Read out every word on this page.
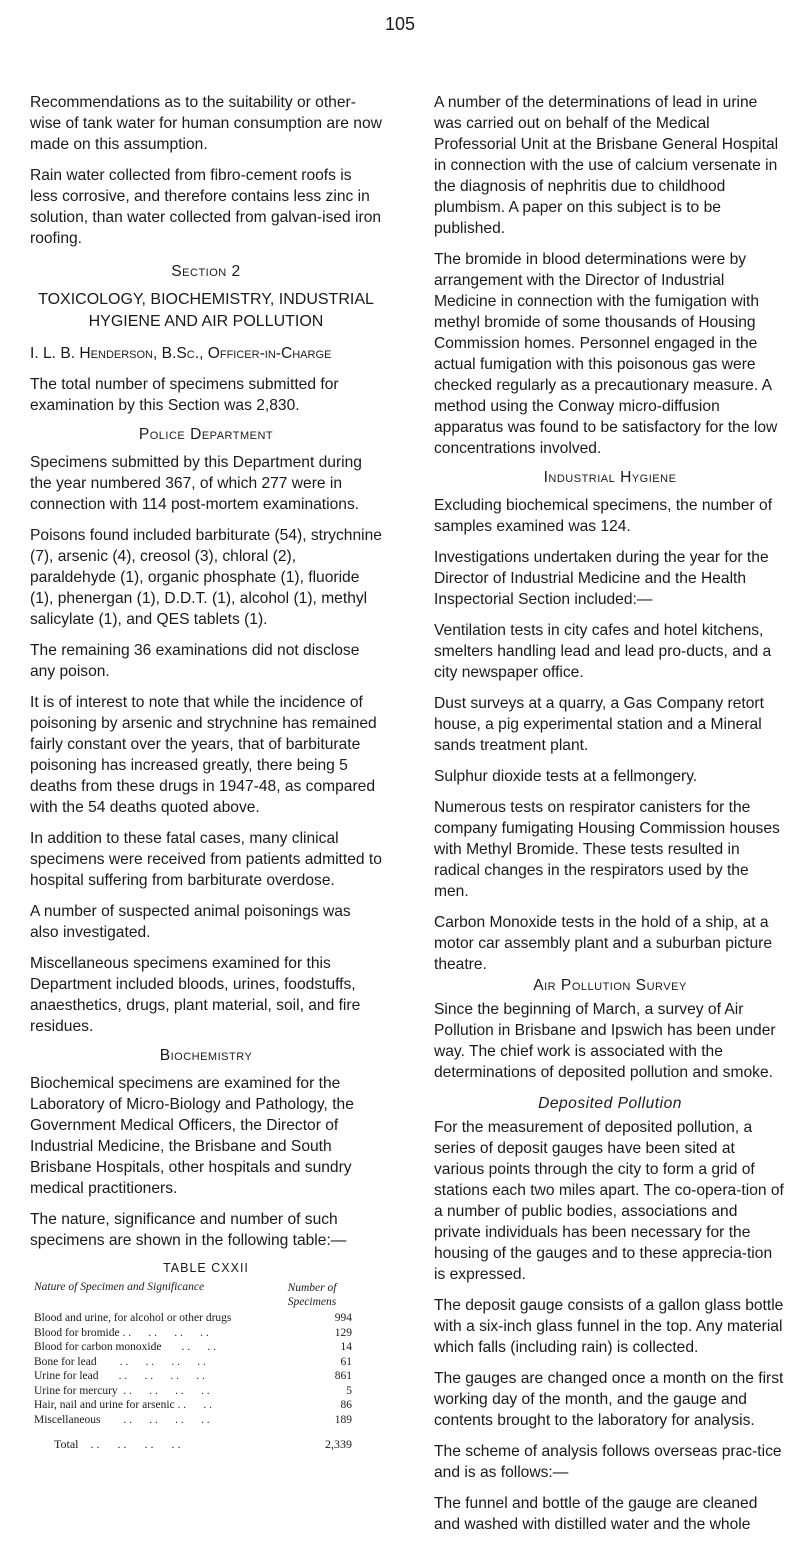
105

Recommendations as to the suitability or other-wise of tank water for human consumption are now made on this assumption.

Rain water collected from fibro-cement roofs is less corrosive, and therefore contains less zinc in solution, than water collected from galvan-ised iron roofing.

Section 2
TOXICOLOGY, BIOCHEMISTRY, INDUSTRIAL HYGIENE AND AIR POLLUTION

I. L. B. Henderson, B.Sc., Officer-in-Charge

The total number of specimens submitted for examination by this Section was 2,830.

Police Department

Specimens submitted by this Department during the year numbered 367, of which 277 were in connection with 114 post-mortem examinations.

Poisons found included barbiturate (54), strychnine (7), arsenic (4), creosol (3), chloral (2), paraldehyde (1), organic phosphate (1), fluoride (1), phenergan (1), D.D.T. (1), alcohol (1), methyl salicylate (1), and QES tablets (1).

The remaining 36 examinations did not disclose any poison.

It is of interest to note that while the incidence of poisoning by arsenic and strychnine has remained fairly constant over the years, that of barbiturate poisoning has increased greatly, there being 5 deaths from these drugs in 1947-48, as compared with the 54 deaths quoted above.

In addition to these fatal cases, many clinical specimens were received from patients admitted to hospital suffering from barbiturate overdose.

A number of suspected animal poisonings was also investigated.

Miscellaneous specimens examined for this Department included bloods, urines, foodstuffs, anaesthetics, drugs, plant material, soil, and fire residues.

Biochemistry

Biochemical specimens are examined for the Laboratory of Micro-Biology and Pathology, the Government Medical Officers, the Director of Industrial Medicine, the Brisbane and South Brisbane Hospitals, other hospitals and sundry medical practitioners.

The nature, significance and number of such specimens are shown in the following table:—

TABLE CXXII
Nature of Specimen and Significance	Number of Specimens
Blood and urine, for alcohol or other drugs	994
Blood for bromide . .      . .      . .      . .	129
Blood for carbon monoxide       . .      . .	14
Bone for lead        . .      . .      . .      . .	61
Urine for lead       . .      . .      . .      . .	861
Urine for mercury  . .      . .      . .      . .	5
Hair, nail and urine for arsenic . .      . .	86
Miscellaneous        . .      . .      . .      . .	189
Total    . .      . .      . .      . .	2,339

A number of the determinations of lead in urine was carried out on behalf of the Medical Professorial Unit at the Brisbane General Hospital in connection with the use of calcium versenate in the diagnosis of nephritis due to childhood plumbism. A paper on this subject is to be published.

The bromide in blood determinations were by arrangement with the Director of Industrial Medicine in connection with the fumigation with methyl bromide of some thousands of Housing Commission homes. Personnel engaged in the actual fumigation with this poisonous gas were checked regularly as a precautionary measure. A method using the Conway micro-diffusion apparatus was found to be satisfactory for the low concentrations involved.

Industrial Hygiene

Excluding biochemical specimens, the number of samples examined was 124.

Investigations undertaken during the year for the Director of Industrial Medicine and the Health Inspectorial Section included:—

Ventilation tests in city cafes and hotel kitchens, smelters handling lead and lead pro-ducts, and a city newspaper office.

Dust surveys at a quarry, a Gas Company retort house, a pig experimental station and a Mineral sands treatment plant.

Sulphur dioxide tests at a fellmongery.

Numerous tests on respirator canisters for the company fumigating Housing Commission houses with Methyl Bromide. These tests resulted in radical changes in the respirators used by the men.

Carbon Monoxide tests in the hold of a ship, at a motor car assembly plant and a suburban picture theatre.

Air Pollution Survey

Since the beginning of March, a survey of Air Pollution in Brisbane and Ipswich has been under way. The chief work is associated with the determinations of deposited pollution and smoke.

Deposited Pollution

For the measurement of deposited pollution, a series of deposit gauges have been sited at various points through the city to form a grid of stations each two miles apart. The co-opera-tion of a number of public bodies, associations and private individuals has been necessary for the housing of the gauges and to these apprecia-tion is expressed.

The deposit gauge consists of a gallon glass bottle with a six-inch glass funnel in the top. Any material which falls (including rain) is collected.

The gauges are changed once a month on the first working day of the month, and the gauge and contents brought to the laboratory for analysis.

The scheme of analysis follows overseas prac-tice and is as follows:—

The funnel and bottle of the gauge are cleaned and washed with distilled water and the whole
